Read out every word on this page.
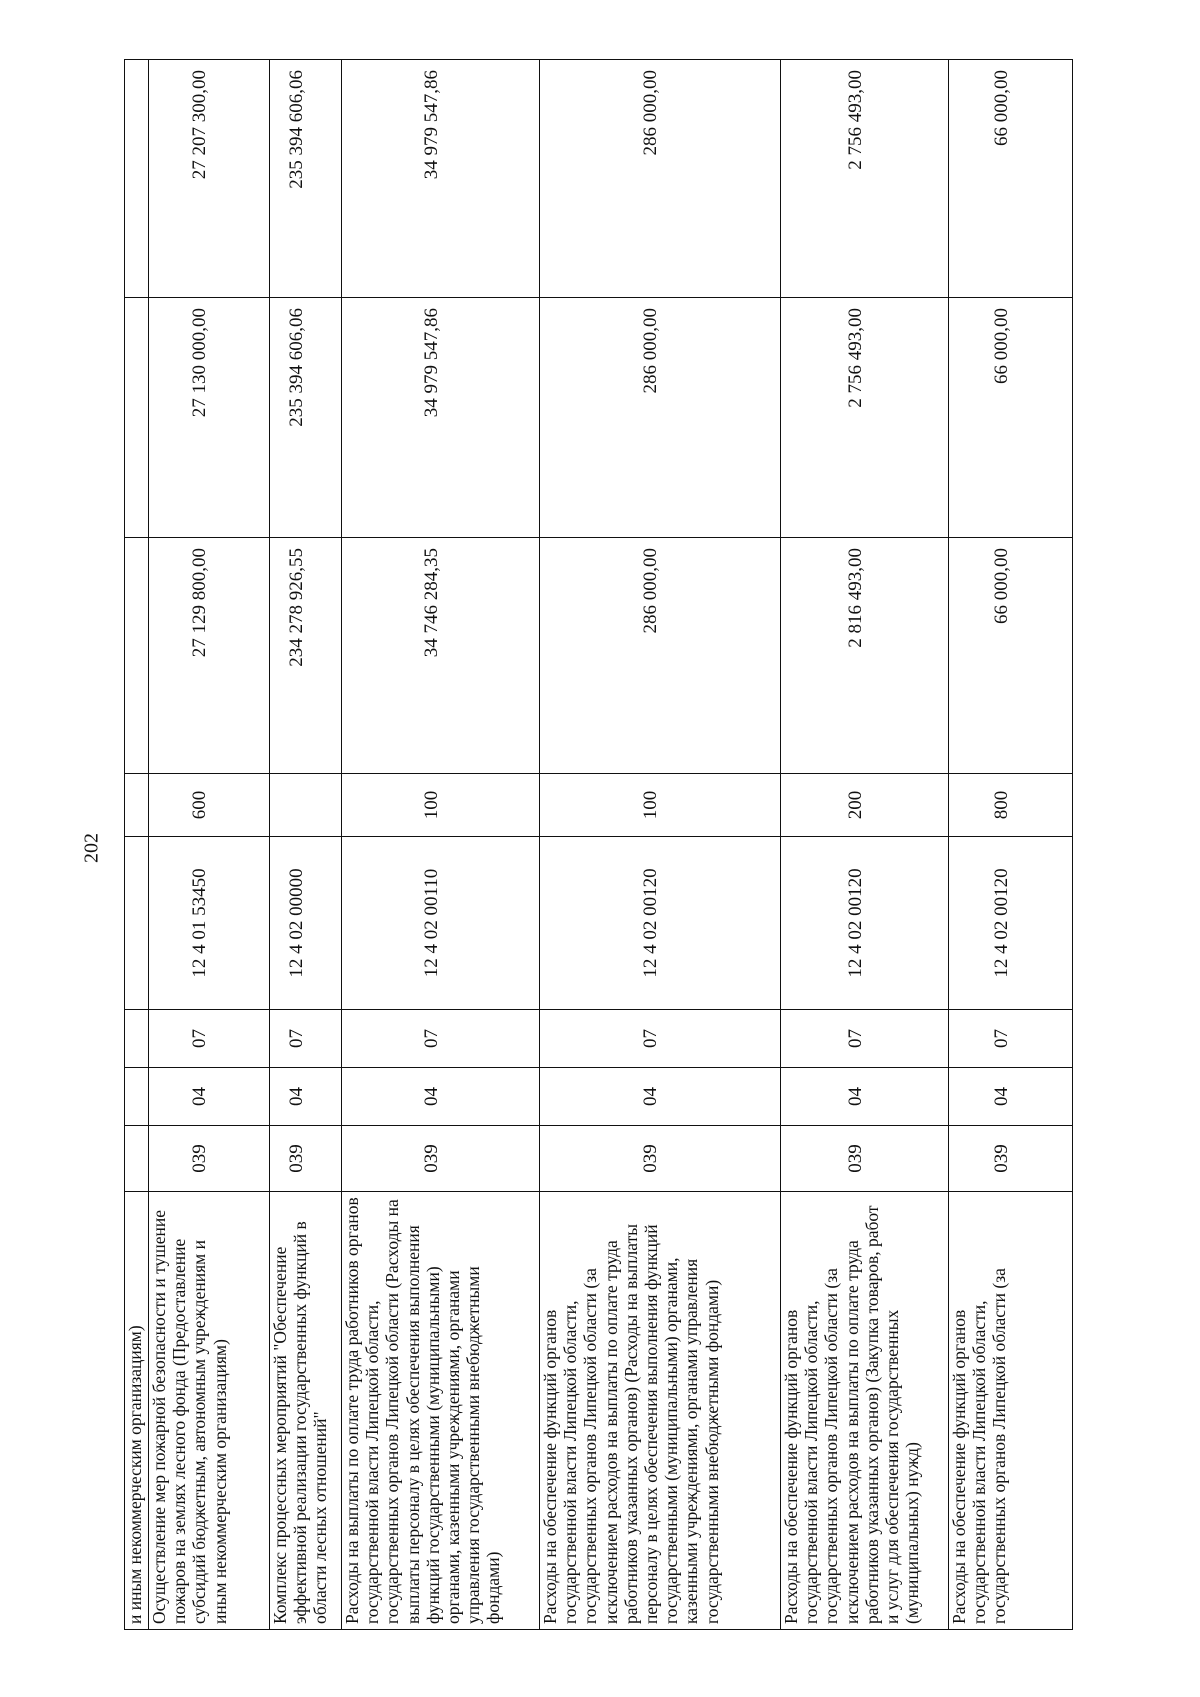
202
и иным некоммерческим организациям)								
Осуществление мер пожарной безопасности и тушение пожаров на землях лесного фонда (Предоставление субсидий бюджетным, автономным учреждениям и иным некоммерческим организациям)	039	04	07	12 4 01 53450	600	27 129 800,00	27 130 000,00	27 207 300,00
Комплекс процессных мероприятий "Обеспечение эффективной реализации государственных функций в области лесных отношений"	039	04	07	12 4 02 00000		234 278 926,55	235 394 606,06	235 394 606,06
Расходы на выплаты по оплате труда работников органов государственной власти Липецкой области, государственных органов Липецкой области (Расходы на выплаты персоналу в целях обеспечения выполнения функций государственными (муниципальными) органами, казенными учреждениями, органами управления государственными внебюджетными фондами)	039	04	07	12 4 02 00110	100	34 746 284,35	34 979 547,86	34 979 547,86
Расходы на обеспечение функций органов государственной власти Липецкой области, государственных органов Липецкой области (за исключением расходов на выплаты по оплате труда работников указанных органов) (Расходы на выплаты персоналу в целях обеспечения выполнения функций государственными (муниципальными) органами, казенными учреждениями, органами управления государственными внебюджетными фондами)	039	04	07	12 4 02 00120	100	286 000,00	286 000,00	286 000,00
Расходы на обеспечение функций органов государственной власти Липецкой области, государственных органов Липецкой области (за исключением расходов на выплаты по оплате труда работников указанных органов) (Закупка товаров, работ и услуг для обеспечения государственных (муниципальных) нужд)	039	04	07	12 4 02 00120	200	2 816 493,00	2 756 493,00	2 756 493,00
Расходы на обеспечение функций органов государственной власти Липецкой области, государственных органов Липецкой области (за	039	04	07	12 4 02 00120	800	66 000,00	66 000,00	66 000,00
